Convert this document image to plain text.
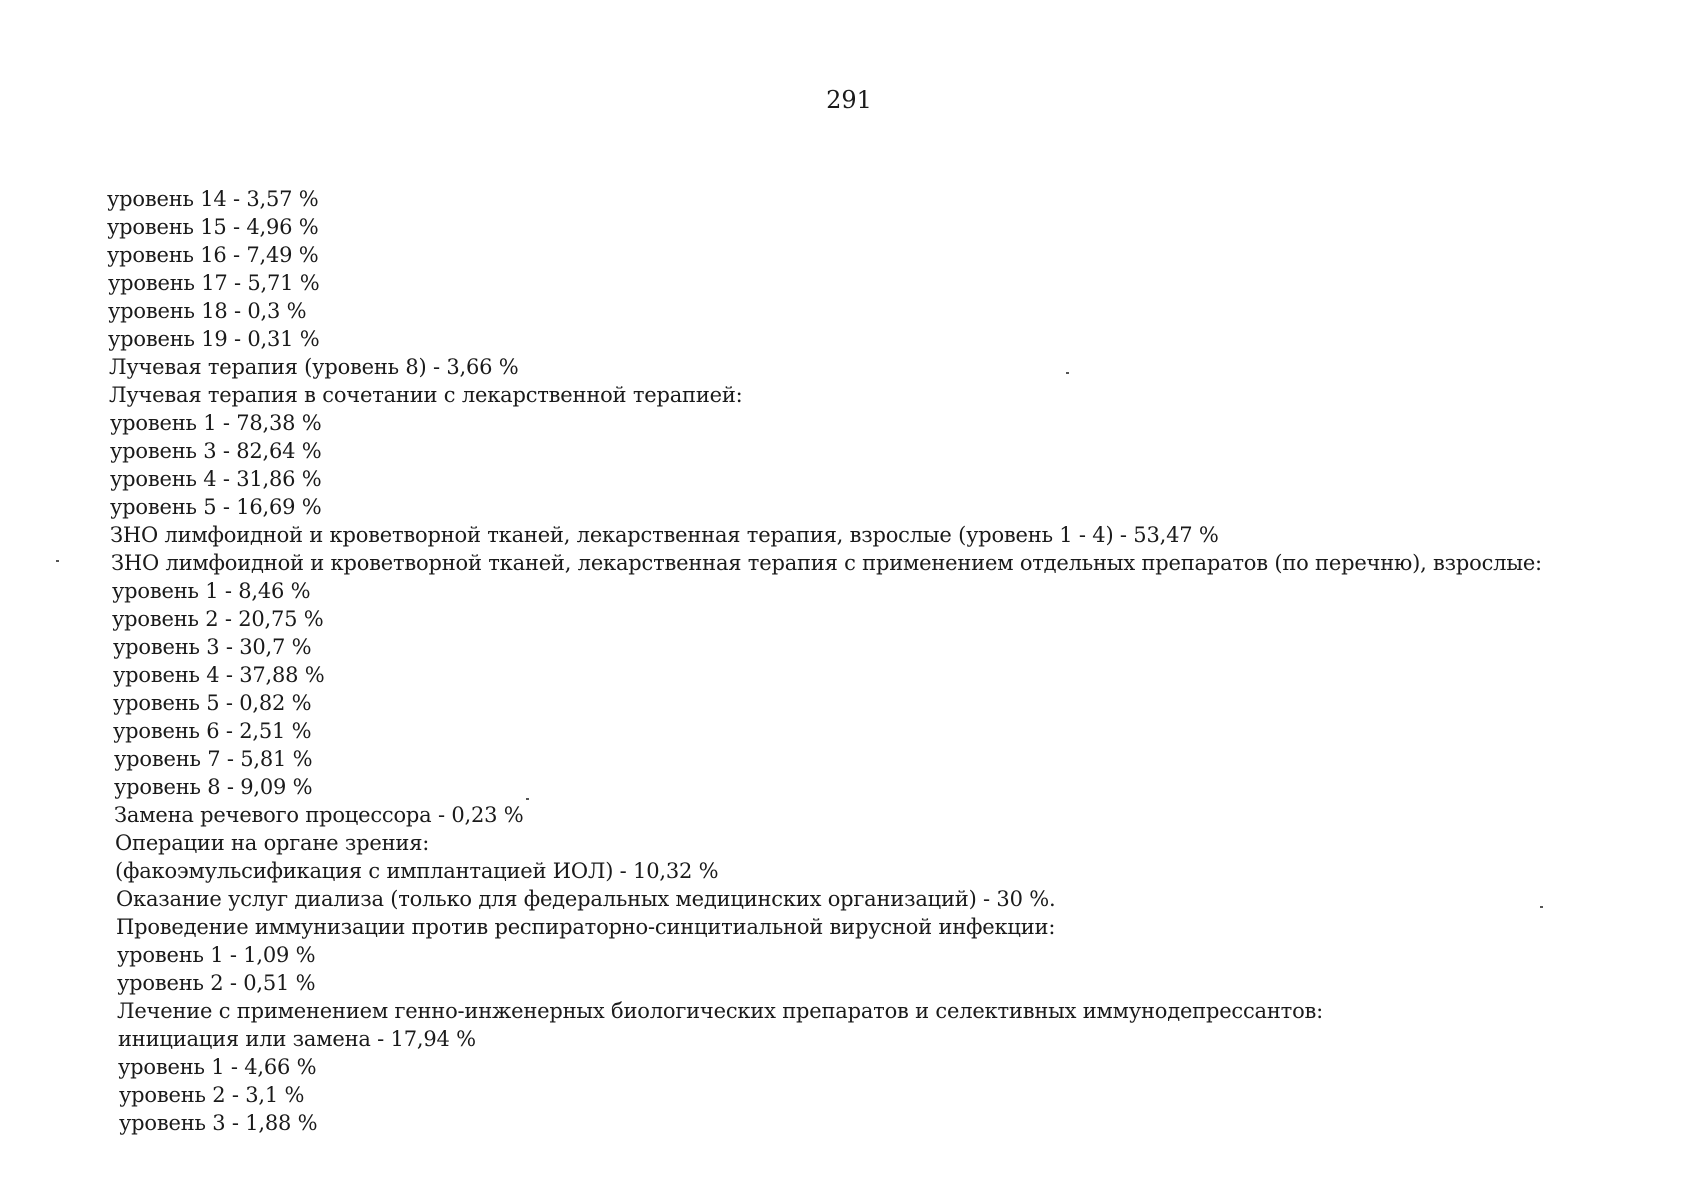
291
уровень 14 - 3,57 %
уровень 15 - 4,96 %
уровень 16 - 7,49 %
уровень 17 - 5,71 %
уровень 18 - 0,3 %
уровень 19 - 0,31 %
Лучевая терапия (уровень 8) - 3,66 %
Лучевая терапия в сочетании с лекарственной терапией:
уровень 1 - 78,38 %
уровень 3 - 82,64 %
уровень 4 - 31,86 %
уровень 5 - 16,69 %
ЗНО лимфоидной и кроветворной тканей, лекарственная терапия, взрослые (уровень 1 - 4) - 53,47 %
ЗНО лимфоидной и кроветворной тканей, лекарственная терапия с применением отдельных препаратов (по перечню), взрослые:
уровень 1 - 8,46 %
уровень 2 - 20,75 %
уровень 3 - 30,7 %
уровень 4 - 37,88 %
уровень 5 - 0,82 %
уровень 6 - 2,51 %
уровень 7 - 5,81 %
уровень 8 - 9,09 %
Замена речевого процессора - 0,23 %
Операции на органе зрения:
(факоэмульсификация с имплантацией ИОЛ) - 10,32 %
Оказание услуг диализа (только для федеральных медицинских организаций) - 30 %.
Проведение иммунизации против респираторно-синцитиальной вирусной инфекции:
уровень 1 - 1,09 %
уровень 2 - 0,51 %
Лечение с применением генно-инженерных биологических препаратов и селективных иммунодепрессантов:
инициация или замена - 17,94 %
уровень 1 - 4,66 %
уровень 2 - 3,1 %
уровень 3 - 1,88 %
